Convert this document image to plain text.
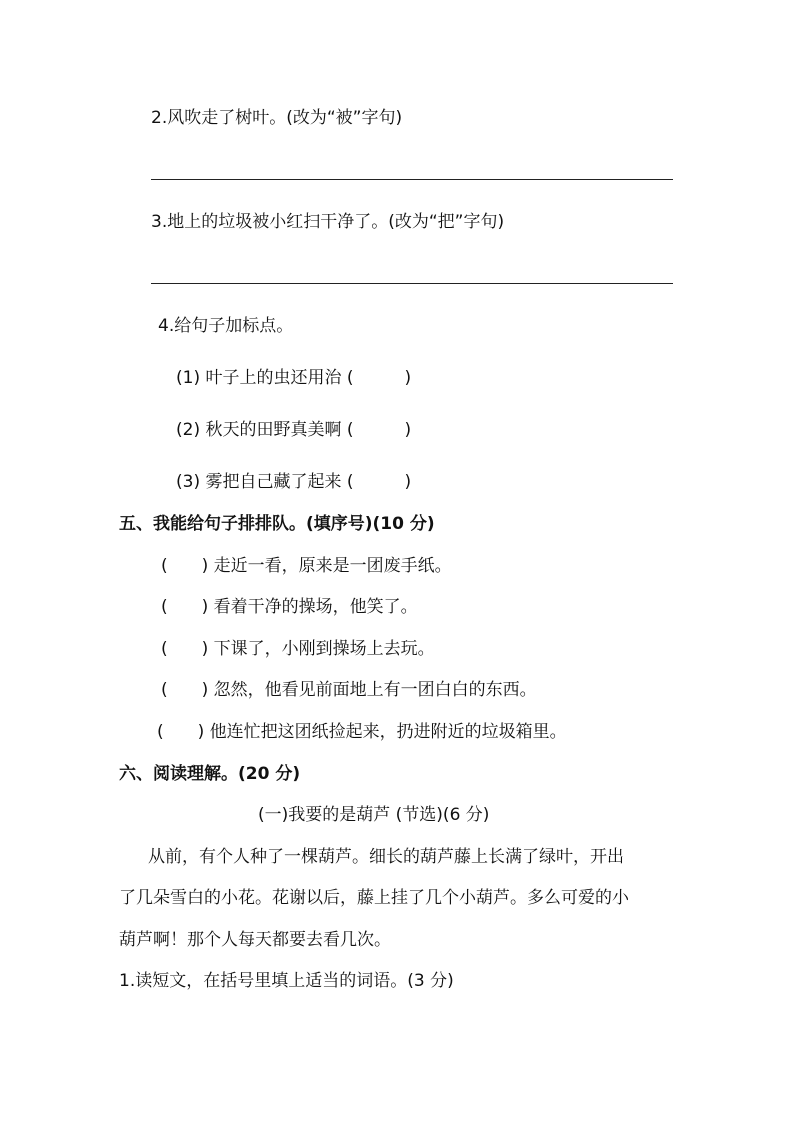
2.风吹走了树叶。(改为“被”字句)
3.地上的垃圾被小红扫干净了。(改为“把”字句)
4.给句子加标点。
(1) 叶子上的虫还用治 (　　　)
(2) 秋天的田野真美啊 (　　　)
(3) 雾把自己藏了起来 (　　　)
五、我能给句子排排队。(填序号)(10 分)
(　　) 走近一看，原来是一团废手纸。
(　　) 看着干净的操场，他笑了。
(　　) 下课了，小刚到操场上去玩。
(　　) 忽然，他看见前面地上有一团白白的东西。
(　　) 他连忙把这团纸捡起来，扔进附近的垃圾箱里。
六、阅读理解。(20 分)
(一)我要的是葫芦 (节选)(6 分)
从前，有个人种了一棵葫芦。细长的葫芦藤上长满了绿叶，开出
了几朵雪白的小花。花谢以后，藤上挂了几个小葫芦。多么可爱的小
葫芦啊！那个人每天都要去看几次。
1.读短文，在括号里填上适当的词语。(3 分)
